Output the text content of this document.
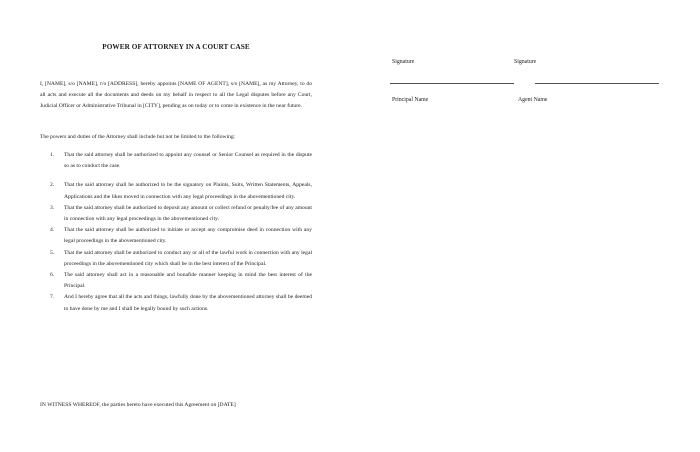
POWER OF ATTORNEY IN A COURT CASE
I, [NAME], s/o [NAME], r/o [ADDRESS], hereby appoints [NAME OF AGENT], s/o [NAME], as my Attorney, to do all acts and execute all the documents and deeds on my behalf in respect to all the Legal disputes before any Court, Judicial Officer or Administrative Tribunal in [CITY], pending as on today or to come in existence in the near future.
The powers and duties of the Attorney shall include but not be limited to the following:
1. That the said attorney shall be authorized to appoint any counsel or Senior Counsel as required in the dispute so as to conduct the case.
2. That the said attorney shall be authorized to be the signatory on Plaints, Suits, Written Statements, Appeals, Applications and the likes moved in connection with any legal proceedings in the abovementioned city.
3. That the said attorney shall be authorized to deposit any amount or collect refund or penalty/fee of any amount in connection with any legal proceedings in the abovementioned city.
4. That the said attorney shall be authorized to initiate or accept any compromise deed in connection with any legal proceedings in the abovementioned city.
5. That the said attorney shall be authorized to conduct any or all of the lawful work in connection with any legal proceedings in the abovementioned city which shall be in the best interest of the Principal.
6. The said attorney shall act in a reasonable and bonafide manner keeping in mind the best interest of the Principal.
7. And I hereby agree that all the acts and things, lawfully done by the abovementioned attorney shall be deemed to have done by me and I shall be legally bound by such actions.
IN WITNESS WHEREOF, the parties hereto have executed this Agreement on [DATE]
Signature	Signature
Principal Name	Agent Name
